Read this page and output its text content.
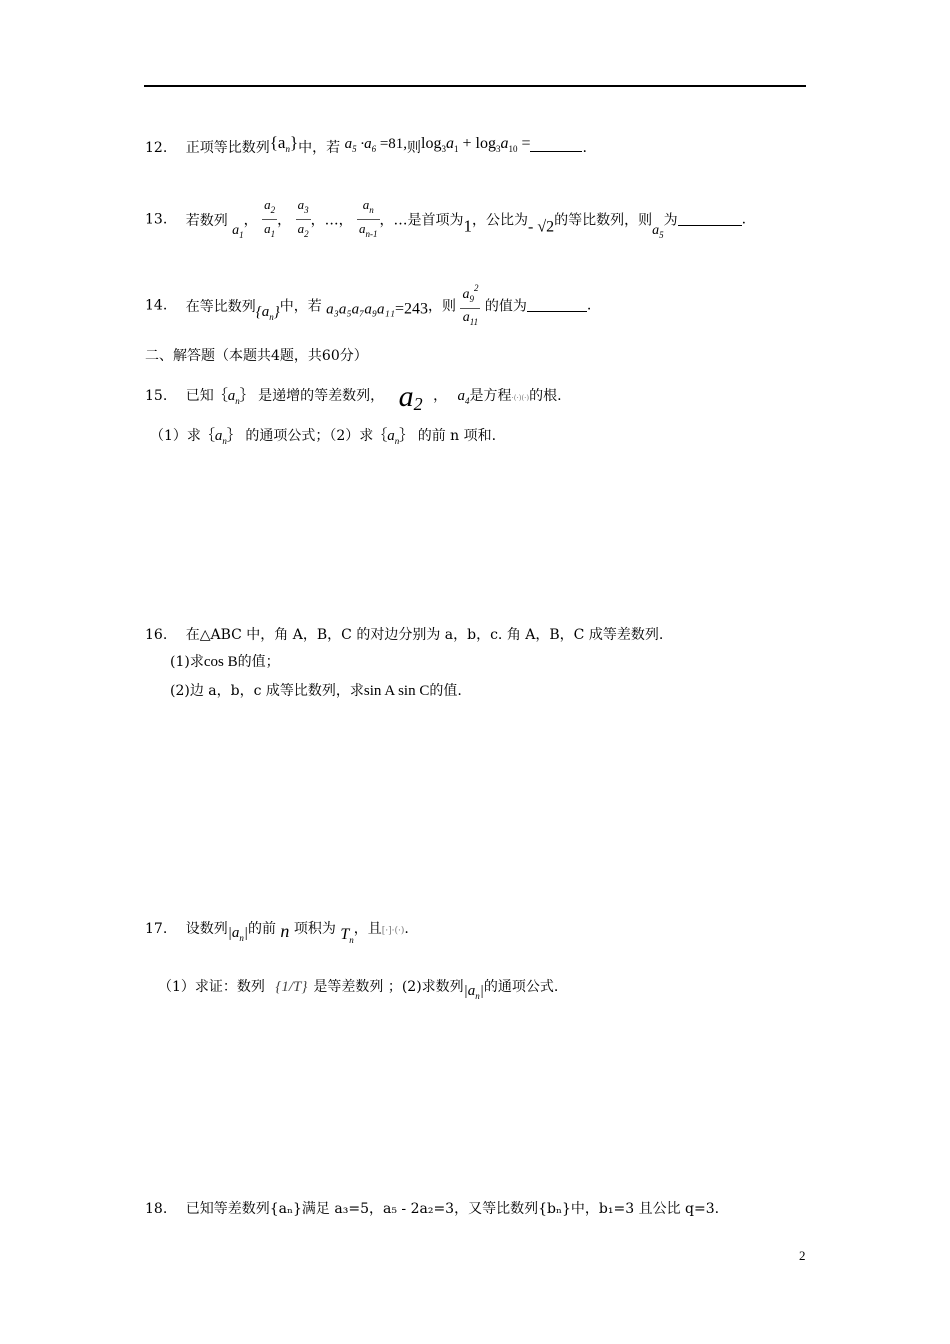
12. 正项等比数列$\{a_n\}$中，若 $a_5 \cdot a_6 =81$,则$\log_3a_1 + \log_3a_{10}$ =	.
13. 若数列 $a_1$， $\frac{a_2}{a_1}$ ， $\frac{a_3}{a_2}$ ，…， $\frac{a_n}{a_{n-1}}$ ，…是首项为1，公比为- √2的等比数列，则$a_5$为	.
14. 在等比数列$\{a_n\}$中，若 a₃a₅a₇a₉a₁₁=243，则 $\frac{a_9^2}{a_{11}}$ 的值为	.
二、解答题（本题共4题，共60分）
15. 已知$\{a_n\}$ 是递增的等差数列， a2 ， $a_4$是方程·(·)(·)的根.
（1）求$\{a_n\}$ 的通项公式；（2）求$\{a_n\}$ 的前 n 项和.
16. 在△ABC 中，角 A，B，C 的对边分别为 a，b，c. 角 A，B，C 成等差数列.
(1)求cos B的值；
(2)边 a，b，c 成等比数列，求sin A sin C的值.
17. 设数列$|a_n|$的前 n 项积为 $T_n$，且[·]·(·).
（1）求证：数列 {1/T} 是等差数列 ；(2)求数列$|a_n|$的通项公式.
18. 已知等差数列{aₙ}满足 a₃=5，a₅ - 2a₂=3，又等比数列{bₙ}中，b₁=3 且公比 q=3.
2
